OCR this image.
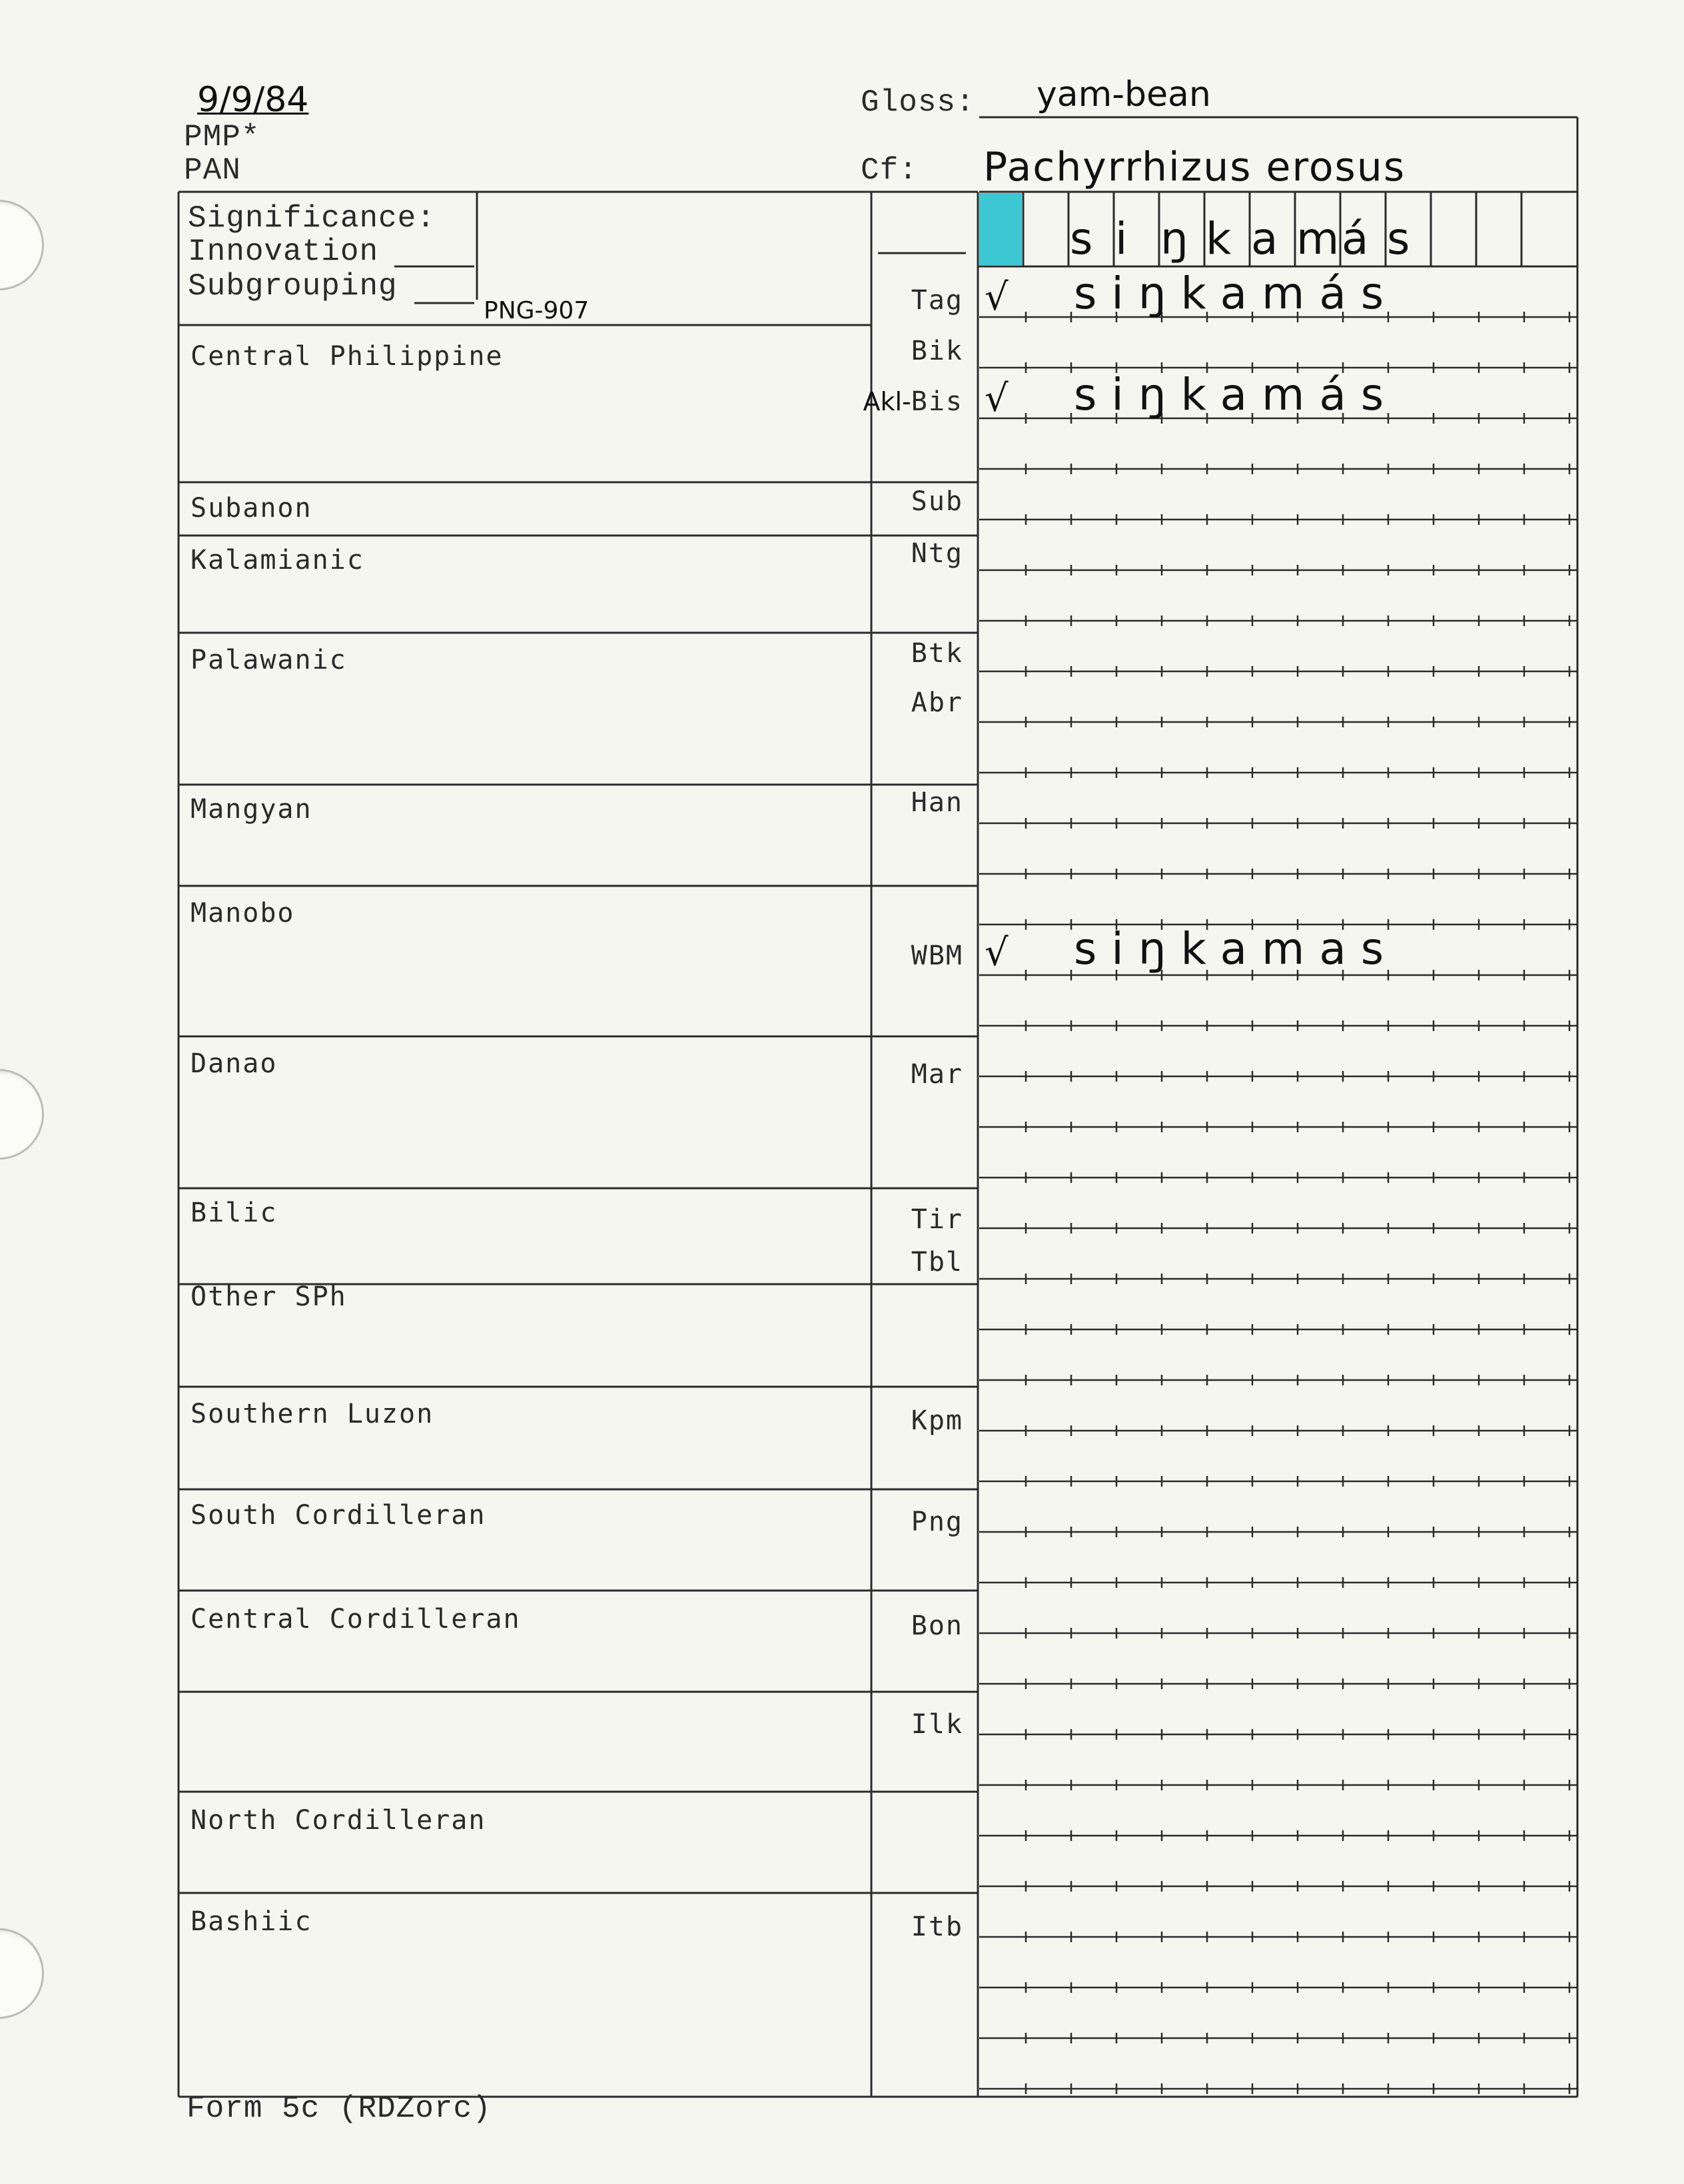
9/9/84
PMP*
PAN
Gloss: yam-bean
Cf: Pachyrrhizus erosus
Significance:
Innovation
Subgrouping
PNG-907
s i ŋ k a m á s
Central Philippine
Subanon
Kalamianic
Palawanic
Mangyan
Manobo
Danao
Bilic
Other SPh
Southern Luzon
South Cordilleran
Central Cordilleran
North Cordilleran
Bashiic
Tag √ siŋkamás
Bik
Akl-Bis √ siŋkamás
Sub
Ntg
Btk
Abr
Han
WBM √ siŋkamas
Mar
Tir
Tbl
Kpm
Png
Bon
Ilk
Itb
Form 5c (RDZorc)
